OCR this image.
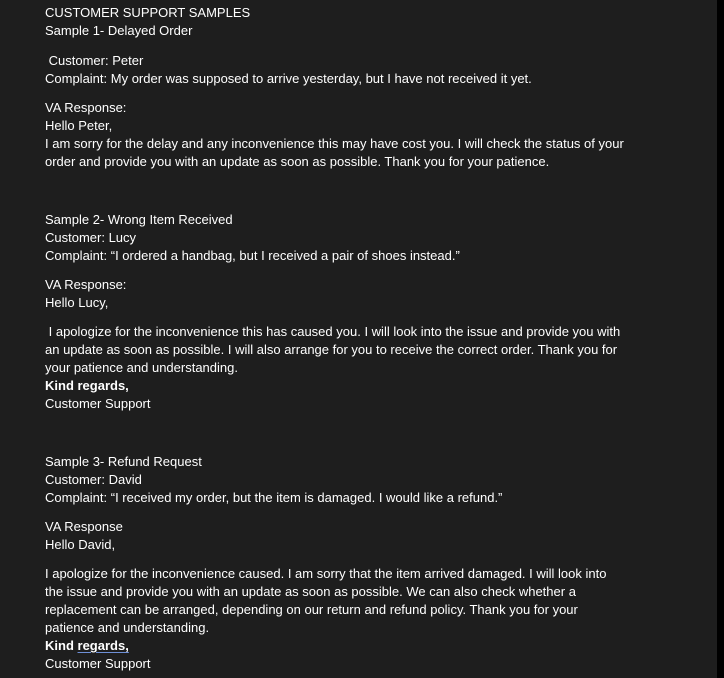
CUSTOMER SUPPORT SAMPLES
Sample 1- Delayed Order
Customer: Peter
Complaint: My order was supposed to arrive yesterday, but I have not received it yet.
VA Response:
Hello Peter,
I am sorry for the delay and any inconvenience this may have cost you. I will check the status of your
order and provide you with an update as soon as possible. Thank you for your patience.
Sample 2- Wrong Item Received
Customer: Lucy
Complaint: “I ordered a handbag, but I received a pair of shoes instead.”
VA Response:
Hello Lucy,
I apologize for the inconvenience this has caused you. I will look into the issue and provide you with
an update as soon as possible. I will also arrange for you to receive the correct order. Thank you for
your patience and understanding.
Kind regards,
Customer Support
Sample 3- Refund Request
Customer: David
Complaint: “I received my order, but the item is damaged. I would like a refund.”
VA Response
Hello David,
I apologize for the inconvenience caused. I am sorry that the item arrived damaged. I will look into
the issue and provide you with an update as soon as possible. We can also check whether a
replacement can be arranged, depending on our return and refund policy. Thank you for your
patience and understanding.
Kind regards,
Customer Support
